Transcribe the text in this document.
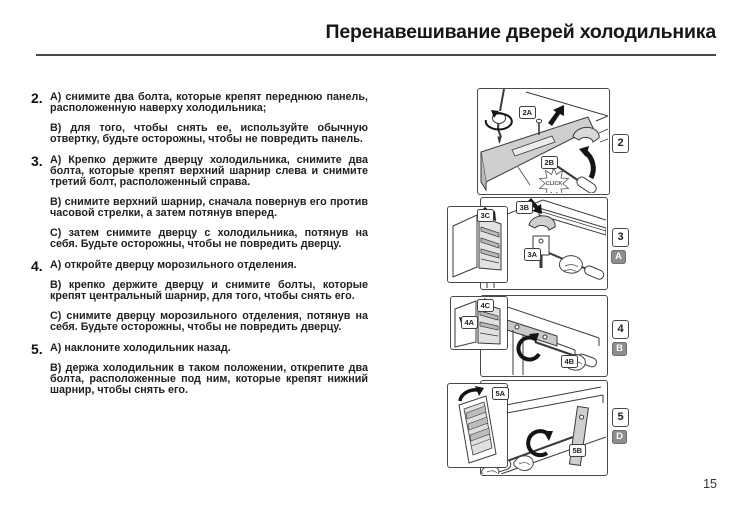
Перенавешивание дверей холодильника
2. А) снимите два болта, которые крепят переднюю панель, расположенную наверху холодильника;

В) для того, чтобы снять ее, используйте обычную отвертку, будьте осторожны, чтобы не повредить панель.

3. А) Крепко держите дверцу холодильника, снимите два болта, которые крепят верхний шарнир слева и снимите третий болт, расположенный справа.

В) снимите верхний шарнир, сначала повернув его против часовой стрелки, а затем потянув вперед.

С) затем снимите дверцу с холодильника, потянув на себя. Будьте осторожны, чтобы не повредить дверцу.

4. А) откройте дверцу морозильного отделения.

В) крепко держите дверцу и снимите болты, которые крепят центральный шарнир, для того, чтобы снять его.

С) снимите дверцу морозильного отделения, потянув на себя. Будьте осторожны, чтобы не повредить дверцу.

5. А) наклоните холодильник назад.

В) держа холодильник в таком положении, открепите два болта, расположенные под ним, которые крепят нижний шарнир, чтобы снять его.

CLICK
2A
2B
2
3B
3A
3C
3
A
4C
4A
4B
4
B
5A
5B
5
D
15
